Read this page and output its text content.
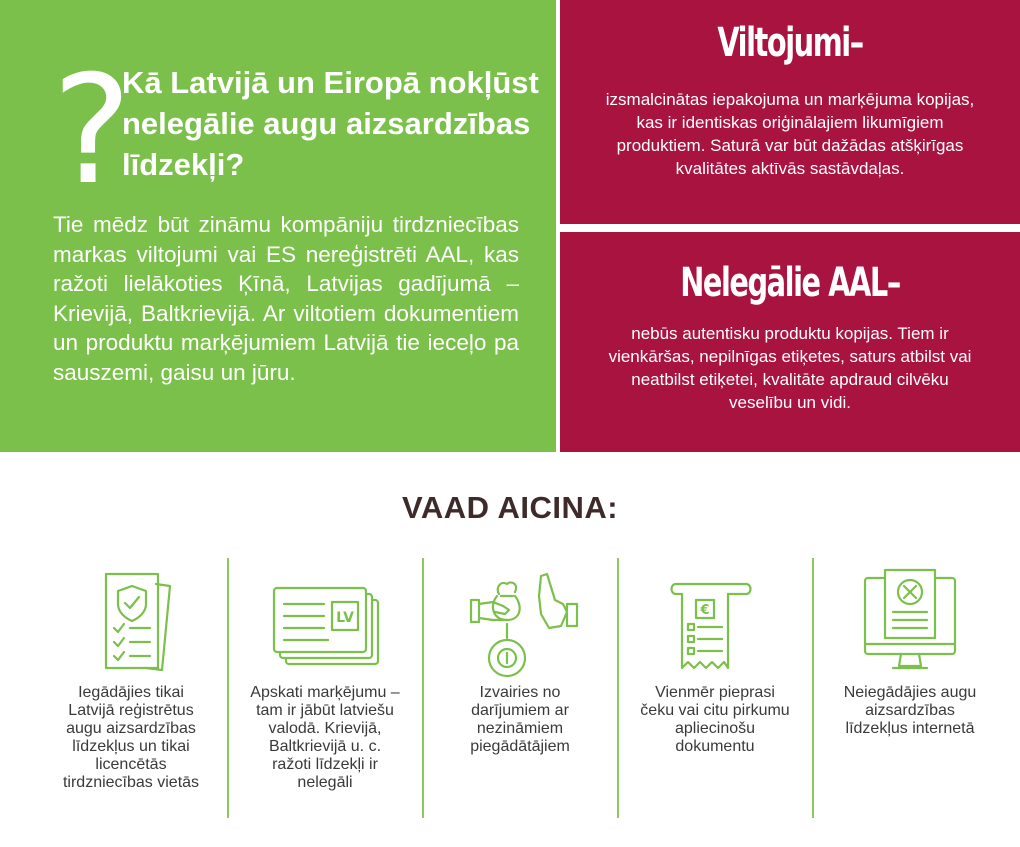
?
Kā Latvijā un Eiropā nokļūst nelegālie augu aizsardzības līdzekļi?
Tie mēdz būt zināmu kompāniju tirdzniecības markas viltojumi vai ES nereģistrēti AAL, kas ražoti lielākoties Ķīnā, Latvijas gadījumā – Krievijā, Baltkrievijā. Ar viltotiem dokumentiem un produktu marķējumiem Latvijā tie ieceļo pa sauszemi, gaisu un jūru.
Viltojumi–
izsmalcinātas iepakojuma un marķējuma kopijas, kas ir identiskas oriģinālajiem likumīgiem produktiem. Saturā var būt dažādas atšķirīgas kvalitātes aktīvās sastāvdaļas.
Nelegālie AAL–
nebūs autentisku produktu kopijas. Tiem ir vienkāršas, nepilnīgas etiķetes, saturs atbilst vai neatbilst etiķetei, kvalitāte apdraud cilvēku veselību un vidi.
VAAD AICINA:
Iegādājies tikai Latvijā reģistrētus augu aizsardzības līdzekļus un tikai licencētās tirdzniecības vietās
LV
Apskati marķējumu – tam ir jābūt latviešu valodā. Krievijā, Baltkrievijā u. c. ražoti līdzekļi ir nelegāli
Izvairies no darījumiem ar nezināmiem piegādātājiem
€
Vienmēr pieprasi čeku vai citu pirkumu apliecinošu dokumentu
Neiegādājies augu aizsardzības līdzekļus internetā
